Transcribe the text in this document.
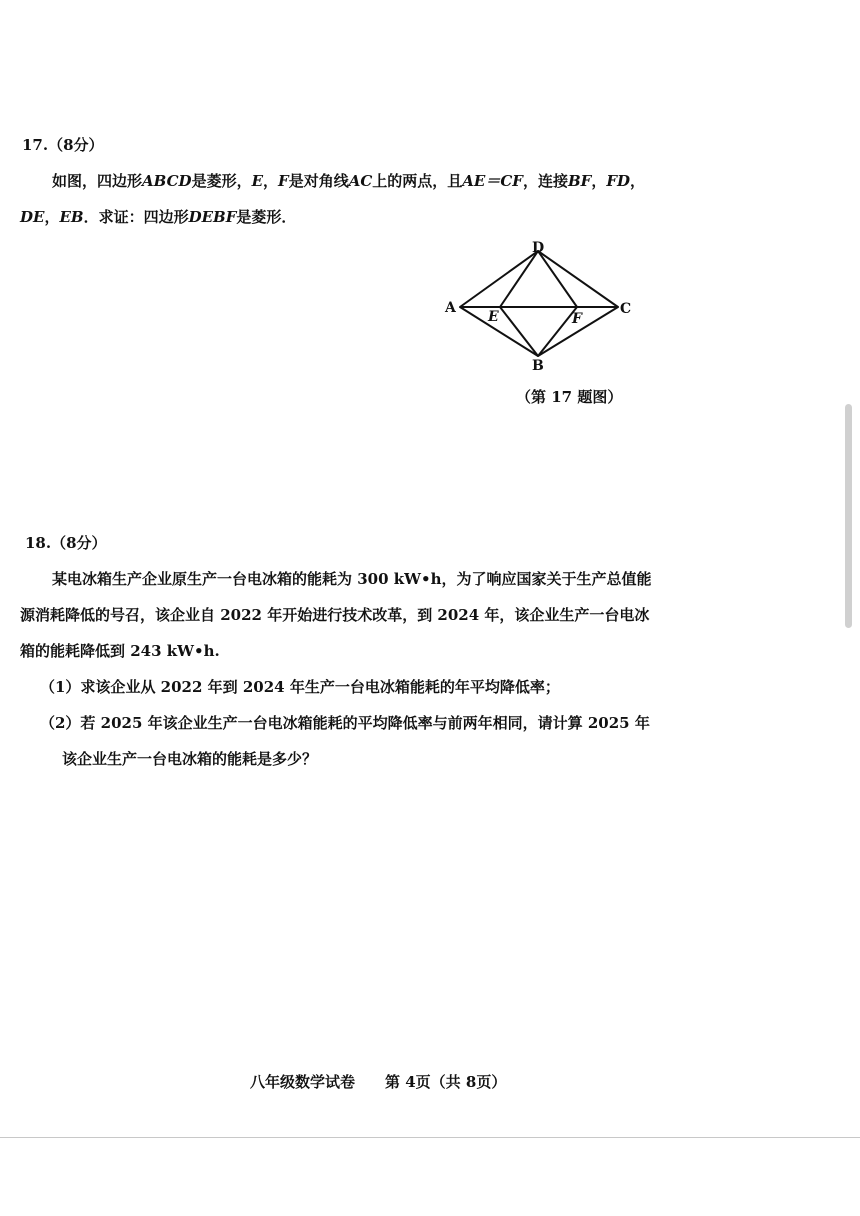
17.（8分）
如图，四边形ABCD是菱形，E，F是对角线AC上的两点，且AE＝CF，连接BF，FD，
DE，EB．求证：四边形DEBF是菱形．
A
B
C
D
E	F
（第 17 题图）
18.（8分）
某电冰箱生产企业原生产一台电冰箱的能耗为 300 kW•h，为了响应国家关于生产总值能
源消耗降低的号召，该企业自 2022 年开始进行技术改革，到 2024 年，该企业生产一台电冰
箱的能耗降低到 243 kW•h.
（1）求该企业从 2022 年到 2024 年生产一台电冰箱能耗的年平均降低率；
（2）若 2025 年该企业生产一台电冰箱能耗的平均降低率与前两年相同，请计算 2025 年
该企业生产一台电冰箱的能耗是多少？
八年级数学试卷　　第 4页（共 8页）
